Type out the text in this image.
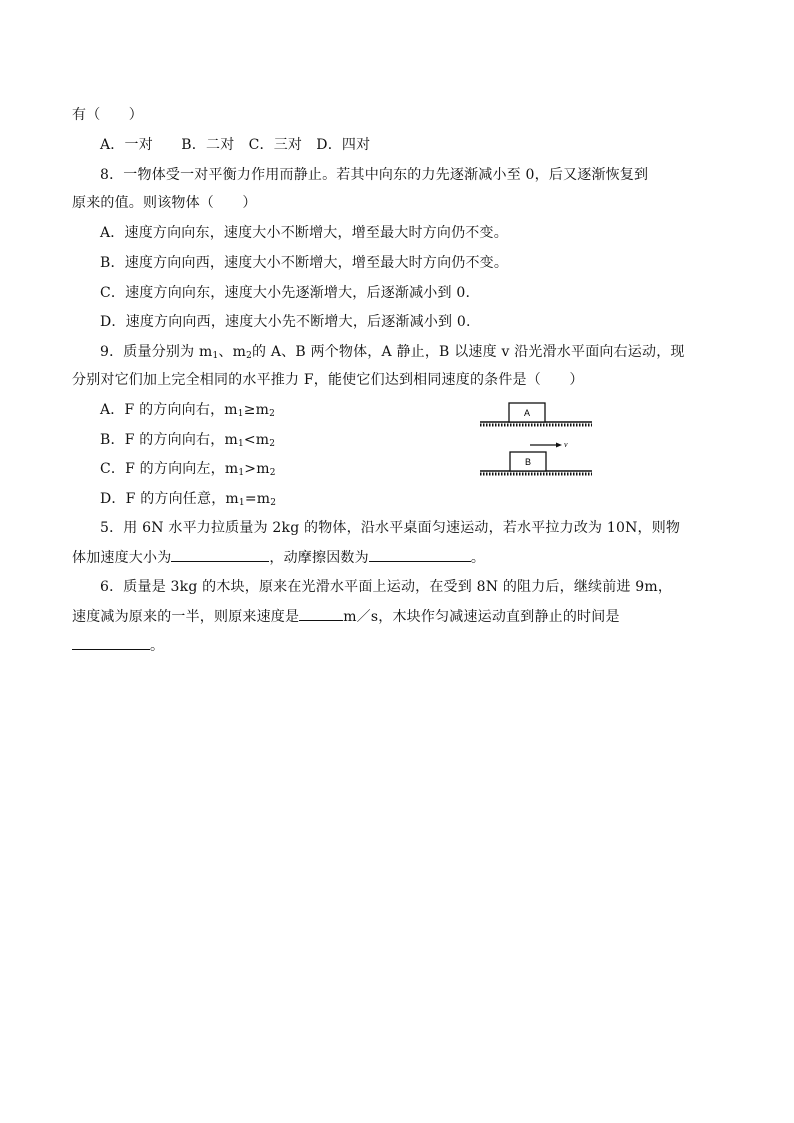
有（　　）
A．一对　　B．二对　C．三对　D．四对
8．一物体受一对平衡力作用而静止。若其中向东的力先逐渐减小至 0，后又逐渐恢复到
原来的值。则该物体（　　）
A．速度方向向东，速度大小不断增大，增至最大时方向仍不变。
B．速度方向向西，速度大小不断增大，增至最大时方向仍不变。
C．速度方向向东，速度大小先逐渐增大，后逐渐减小到 0.
D．速度方向向西，速度大小先不断增大，后逐渐减小到 0.
9．质量分别为 $m_1$、$m_2$的 A、B 两个物体，A 静止，B 以速度 v 沿光滑水平面向右运动，现
分别对它们加上完全相同的水平推力 F，能使它们达到相同速度的条件是（　　）
A．F 的方向向右，$m_1\ge m_2$
B．F 的方向向右，$m_1<m_2$
C．F 的方向向左，$m_1>m_2$
D．F 的方向任意，$m_1=m_2$
A
v
B
5．用 6N 水平力拉质量为 2kg 的物体，沿水平桌面匀速运动，若水平拉力改为 10N，则物
体加速度大小为	，动摩擦因数为	。
6．质量是 3kg 的木块，原来在光滑水平面上运动，在受到 8N 的阻力后，继续前进 9m，
速度减为原来的一半，则原来速度是	m／s，木块作匀减速运动直到静止的时间是
。
